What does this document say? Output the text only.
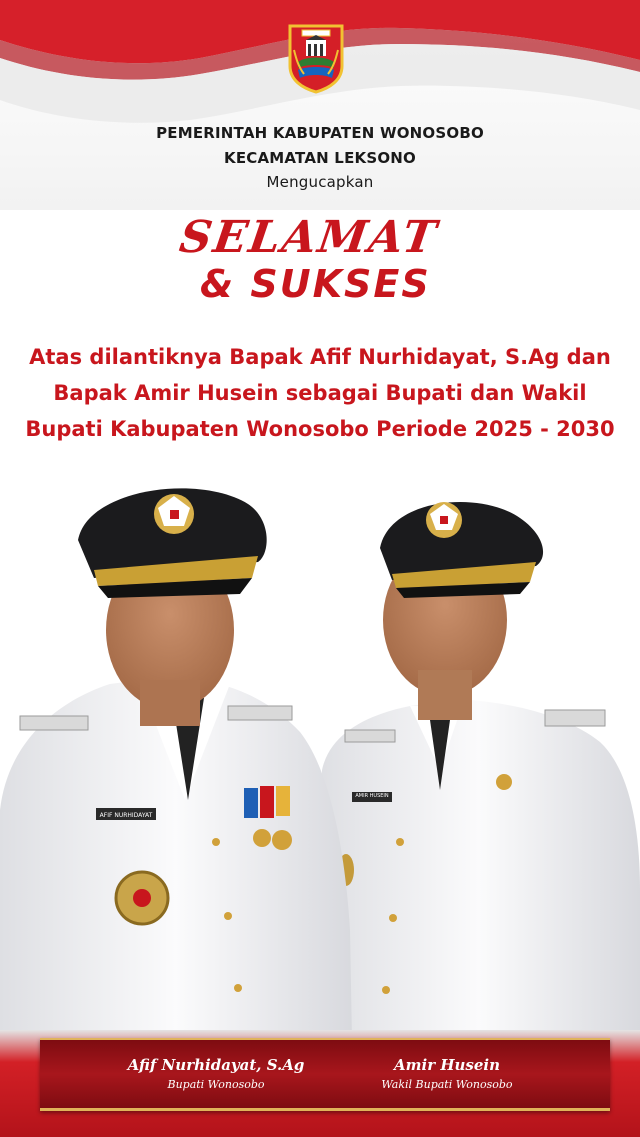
PEMERINTAH KABUPATEN WONOSOBO
KECAMATAN LEKSONO
Mengucapkan
SELAMAT
& SUKSES
Atas dilantiknya Bapak Afif Nurhidayat, S.Ag dan
Bapak Amir Husein sebagai Bupati dan Wakil
Bupati Kabupaten Wonosobo Periode 2025 - 2030
AFIF NURHIDAYAT
AMIR HUSEIN
Afif Nurhidayat, S.Ag
Bupati Wonosobo
Amir Husein
Wakil Bupati Wonosobo
